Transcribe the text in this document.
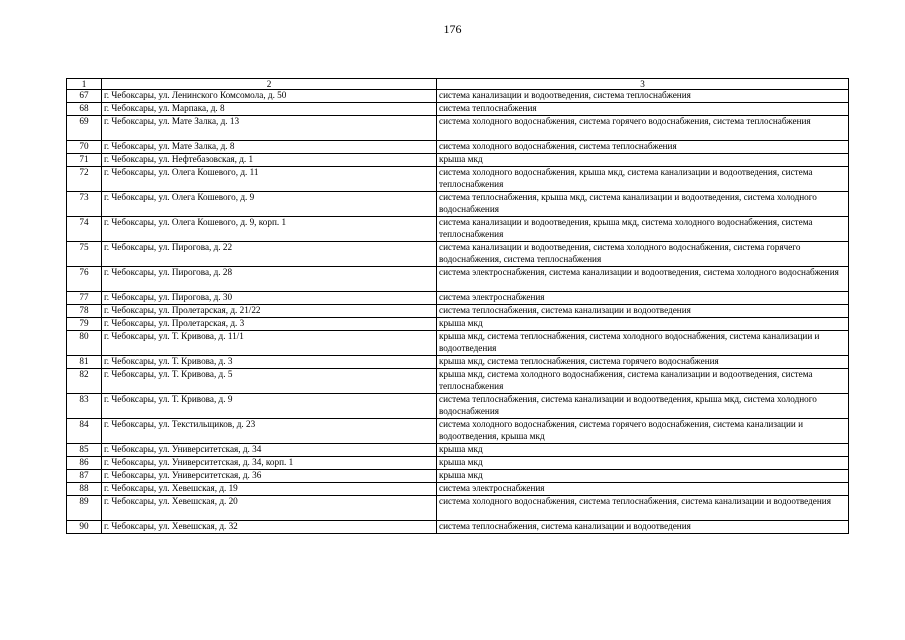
176
1	2	3
67	г. Чебоксары, ул. Ленинского Комсомола, д. 50	система канализации и водоотведения, система теплоснабжения
68	г. Чебоксары, ул. Марпака, д. 8	система теплоснабжения
69	г. Чебоксары, ул. Мате Залка, д. 13	система холодного водоснабжения, система горячего водоснабжения, система теплоснабжения
70	г. Чебоксары, ул. Мате Залка, д. 8	система холодного водоснабжения, система теплоснабжения
71	г. Чебоксары, ул. Нефтебазовская, д. 1	крыша мкд
72	г. Чебоксары, ул. Олега Кошевого, д. 11	система холодного водоснабжения, крыша мкд, система канализации и водоотведения, система теплоснабжения
73	г. Чебоксары, ул. Олега Кошевого, д. 9	система теплоснабжения, крыша мкд, система канализации и водоотведения, система холодного водоснабжения
74	г. Чебоксары, ул. Олега Кошевого, д. 9, корп. 1	система канализации и водоотведения, крыша мкд, система холодного водоснабжения, система теплоснабжения
75	г. Чебоксары, ул. Пирогова, д. 22	система канализации и водоотведения, система холодного водоснабжения, система горячего водоснабжения, система теплоснабжения
76	г. Чебоксары, ул. Пирогова, д. 28	система электроснабжения, система канализации и водоотведения, система холодного водоснабжения
77	г. Чебоксары, ул. Пирогова, д. 30	система электроснабжения
78	г. Чебоксары, ул. Пролетарская, д. 21/22	система теплоснабжения, система канализации и водоотведения
79	г. Чебоксары, ул. Пролетарская, д. 3	крыша мкд
80	г. Чебоксары, ул. Т. Кривова, д. 11/1	крыша мкд, система теплоснабжения, система холодного водоснабжения, система канализации и водоотведения
81	г. Чебоксары, ул. Т. Кривова, д. 3	крыша мкд, система теплоснабжения, система горячего водоснабжения
82	г. Чебоксары, ул. Т. Кривова, д. 5	крыша мкд, система холодного водоснабжения, система канализации и водоотведения, система теплоснабжения
83	г. Чебоксары, ул. Т. Кривова, д. 9	система теплоснабжения, система канализации и водоотведения, крыша мкд, система холодного водоснабжения
84	г. Чебоксары, ул. Текстильщиков, д. 23	система холодного водоснабжения, система горячего водоснабжения, система канализации и водоотведения, крыша мкд
85	г. Чебоксары, ул. Университетская, д. 34	крыша мкд
86	г. Чебоксары, ул. Университетская, д. 34, корп. 1	крыша мкд
87	г. Чебоксары, ул. Университетская, д. 36	крыша мкд
88	г. Чебоксары, ул. Хевешская, д. 19	система электроснабжения
89	г. Чебоксары, ул. Хевешская, д. 20	система холодного водоснабжения, система теплоснабжения, система канализации и водоотведения
90	г. Чебоксары, ул. Хевешская, д. 32	система теплоснабжения, система канализации и водоотведения
